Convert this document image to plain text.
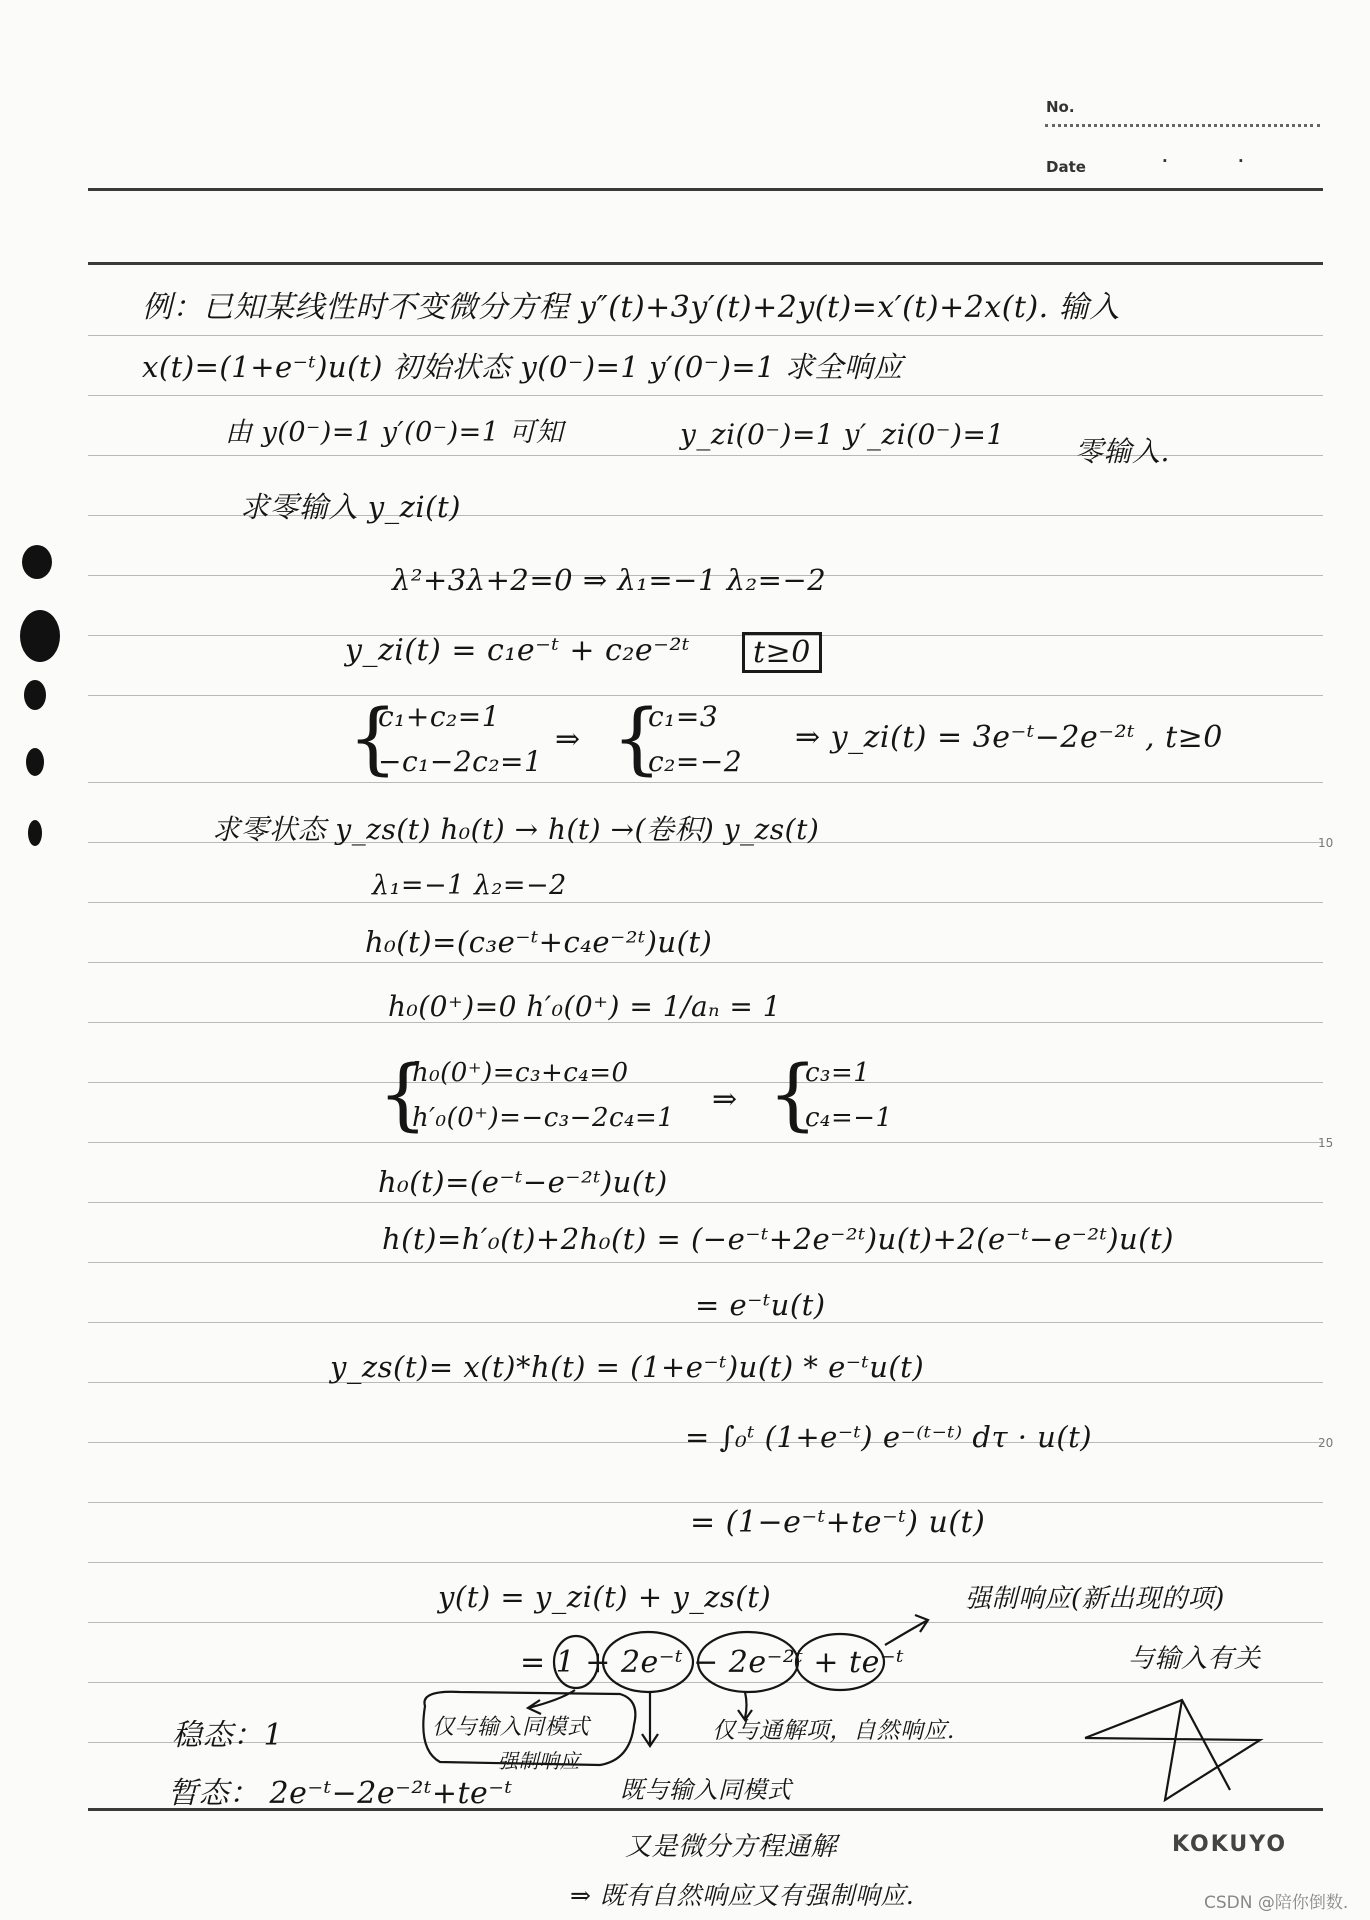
No.
Date	·	·
10
15
20
例：已知某线性时不变微分方程 y″(t)+3y′(t)+2y(t)=x′(t)+2x(t). 输入
x(t)=(1+e⁻ᵗ)u(t) 初始状态 y(0⁻)=1 y′(0⁻)=1 求全响应
由 y(0⁻)=1 y′(0⁻)=1 可知	y_zi(0⁻)=1 y′_zi(0⁻)=1
零输入.
求零输入 y_zi(t)
λ²+3λ+2=0 ⇒ λ₁=−1 λ₂=−2
y_zi(t) = c₁e⁻ᵗ + c₂e⁻²ᵗ	t≥0
{
c₁+c₂=1
−c₁−2c₂=1
⇒ {
c₁=3
c₂=−2
⇒ y_zi(t) = 3e⁻ᵗ−2e⁻²ᵗ , t≥0
求零状态 y_zs(t) h₀(t) → h(t) →(卷积) y_zs(t)
λ₁=−1 λ₂=−2
h₀(t)=(c₃e⁻ᵗ+c₄e⁻²ᵗ)u(t)
h₀(0⁺)=0 h′₀(0⁺) = 1/aₙ = 1
{
h₀(0⁺)=c₃+c₄=0
h′₀(0⁺)=−c₃−2c₄=1
⇒ {
c₃=1
c₄=−1
h₀(t)=(e⁻ᵗ−e⁻²ᵗ)u(t)
h(t)=h′₀(t)+2h₀(t) = (−e⁻ᵗ+2e⁻²ᵗ)u(t)+2(e⁻ᵗ−e⁻²ᵗ)u(t)
= e⁻ᵗu(t)
y_zs(t)= x(t)*h(t) = (1+e⁻ᵗ)u(t) * e⁻ᵗu(t)
= ∫₀ᵗ (1+e⁻ᵗ) e⁻⁽ᵗ⁻ᵗ⁾ dτ · u(t)
= (1−e⁻ᵗ+te⁻ᵗ) u(t)
y(t) = y_zi(t) + y_zs(t)
= 1 + 2e⁻ᵗ − 2e⁻²ᵗ + te⁻ᵗ
强制响应(新出现的项)
与输入有关
稳态：1
暂态： 2e⁻ᵗ−2e⁻²ᵗ+te⁻ᵗ
仅与输入同模式
强制响应
仅与通解项，自然响应.
既与输入同模式
又是微分方程通解
⇒ 既有自然响应又有强制响应.
KOKUYO
CSDN @陪你倒数.
